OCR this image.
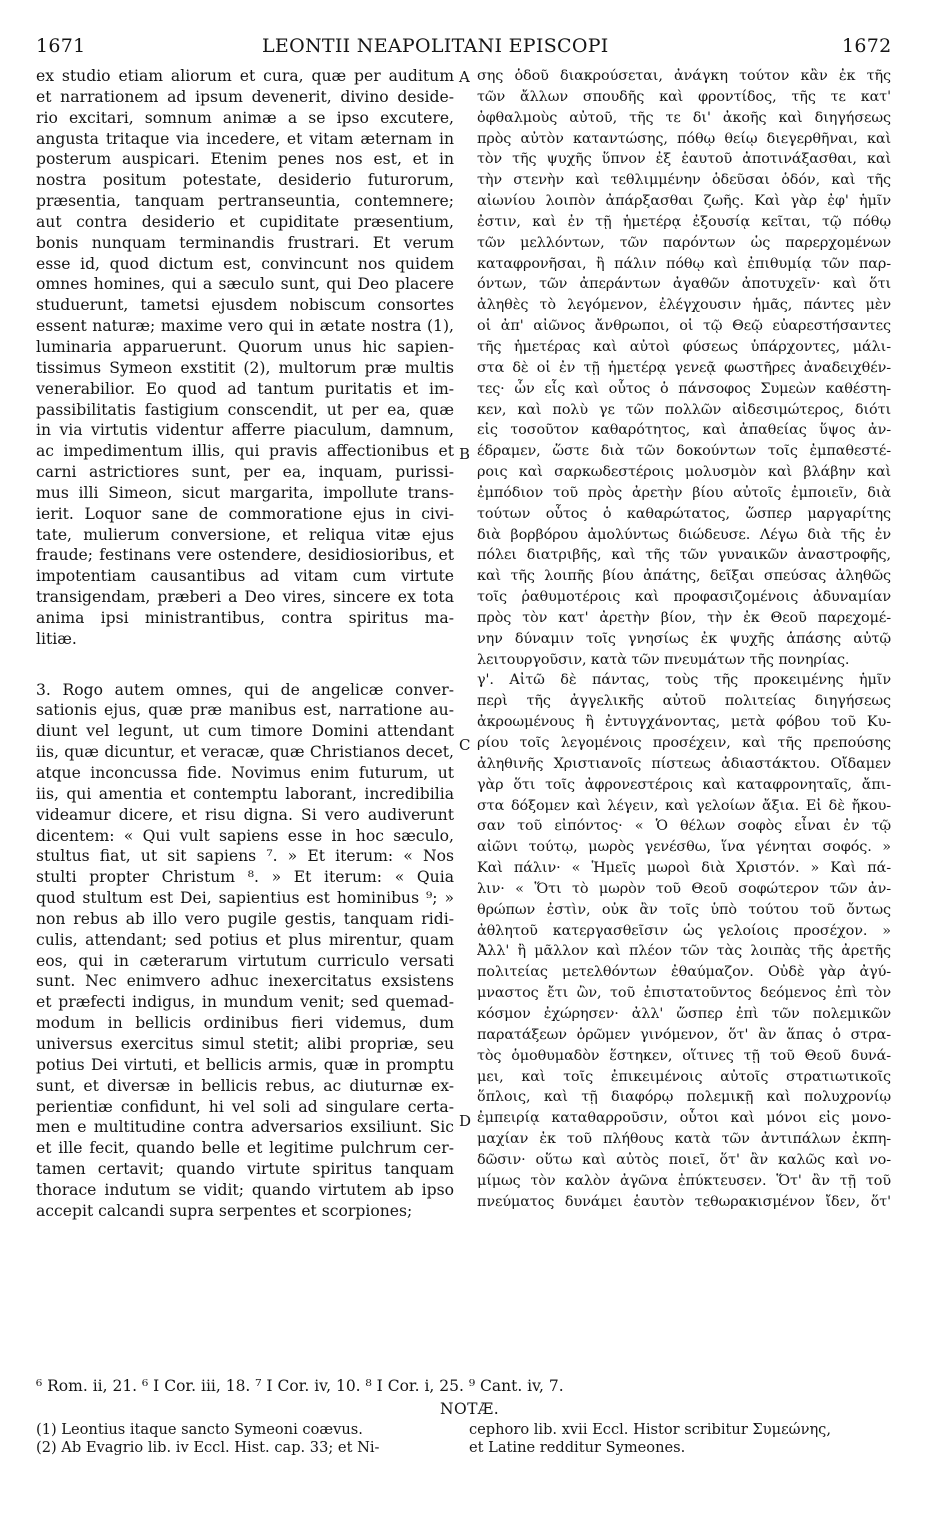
1671	LEONTII NEAPOLITANI EPISCOPI	1672
ex studio etiam aliorum et cura, quæ per auditum
et narrationem ad ipsum devenerit, divino deside-
rio excitari, somnum animæ a se ipso excutere,
angusta tritaque via incedere, et vitam æternam in
posterum auspicari. Etenim penes nos est, et in
nostra positum potestate, desiderio futurorum,
præsentia, tanquam pertranseuntia, contemnere;
aut contra desiderio et cupiditate præsentium,
bonis nunquam terminandis frustrari. Et verum
esse id, quod dictum est, convincunt nos quidem
omnes homines, qui a sæculo sunt, qui Deo placere
studuerunt, tametsi ejusdem nobiscum consortes
essent naturæ; maxime vero qui in ætate nostra (1),
luminaria apparuerunt. Quorum unus hic sapien-
tissimus Symeon exstitit (2), multorum præ multis
venerabilior. Eo quod ad tantum puritatis et im-
passibilitatis fastigium conscendit, ut per ea, quæ
in via virtutis videntur afferre piaculum, damnum,
ac impedimentum illis, qui pravis affectionibus et
carni astrictiores sunt, per ea, inquam, purissi-
mus illi Simeon, sicut margarita, impollute trans-
ierit. Loquor sane de commoratione ejus in civi-
tate, mulierum conversione, et reliqua vitæ ejus
fraude; festinans vere ostendere, desidiosioribus, et
impotentiam causantibus ad vitam cum virtute
transigendam, præberi a Deo vires, sincere ex tota
anima ipsi ministrantibus, contra spiritus ma-
litiæ.
3. Rogo autem omnes, qui de angelicæ conver-
sationis ejus, quæ præ manibus est, narratione au-
diunt vel legunt, ut cum timore Domini attendant
iis, quæ dicuntur, et veracæ, quæ Christianos decet,
atque inconcussa fide. Novimus enim futurum, ut
iis, qui amentia et contemptu laborant, incredibilia
videamur dicere, et risu digna. Si vero audiverunt
dicentem: « Qui vult sapiens esse in hoc sæculo,
stultus fiat, ut sit sapiens ⁷. » Et iterum: « Nos
stulti propter Christum ⁸. » Et iterum: « Quia
quod stultum est Dei, sapientius est hominibus ⁹; »
non rebus ab illo vero pugile gestis, tanquam ridi-
culis, attendant; sed potius et plus mirentur, quam
eos, qui in cæterarum virtutum curriculo versati
sunt. Nec enimvero adhuc inexercitatus exsistens
et præfecti indigus, in mundum venit; sed quemad-
modum in bellicis ordinibus fieri videmus, dum
universus exercitus simul stetit; alibi propriæ, seu
potius Dei virtuti, et bellicis armis, quæ in promptu
sunt, et diversæ in bellicis rebus, ac diuturnæ ex-
perientiæ confidunt, hi vel soli ad singulare certa-
men e multitudine contra adversarios exsiliunt. Sic
et ille fecit, quando belle et legitime pulchrum cer-
tamen certavit; quando virtute spiritus tanquam
thorace indutum se vidit; quando virtutem ab ipso
accepit calcandi supra serpentes et scorpiones;
σης ὁδοῦ διακρούσεται, ἀνάγκη τούτον κἂν ἐκ τῆς
τῶν ἄλλων σπουδῆς καὶ φροντίδος, τῆς τε κατ'
ὀφθαλμοὺς αὐτοῦ, τῆς τε δι' ἀκοῆς καὶ διηγήσεως
πρὸς αὐτὸν καταντώσης, πόθῳ θείῳ διεγερθῆναι, καὶ
τὸν τῆς ψυχῆς ὕπνον ἐξ ἑαυτοῦ ἀποτινάξασθαι, καὶ
τὴν στενὴν καὶ τεθλιμμένην ὁδεῦσαι ὁδόν, καὶ τῆς
αἰωνίου λοιπὸν ἀπάρξασθαι ζωῆς. Καὶ γὰρ ἐφ' ἡμῖν
ἐστιν, καὶ ἐν τῇ ἡμετέρᾳ ἐξουσίᾳ κεῖται, τῷ πόθῳ
τῶν μελλόντων, τῶν παρόντων ὡς παρερχομένων
καταφρονῆσαι, ἢ πάλιν πόθῳ καὶ ἐπιθυμίᾳ τῶν παρ-
όντων, τῶν ἀπεράντων ἀγαθῶν ἀποτυχεῖν· καὶ ὅτι
ἀληθὲς τὸ λεγόμενον, ἐλέγχουσιν ἡμᾶς, πάντες μὲν
οἱ ἀπ' αἰῶνος ἄνθρωποι, οἱ τῷ Θεῷ εὐαρεστήσαντες
τῆς ἡμετέρας καὶ αὐτοὶ φύσεως ὑπάρχοντες, μάλι-
στα δὲ οἱ ἐν τῇ ἡμετέρᾳ γενεᾷ φωστῆρες ἀναδειχθέν-
τες· ὧν εἷς καὶ οὗτος ὁ πάνσοφος Συμεὼν καθέστη-
κεν, καὶ πολὺ γε τῶν πολλῶν αἰδεσιμώτερος, διότι
εἰς τοσοῦτον καθαρότητος, καὶ ἀπαθείας ὕψος ἀν-
έδραμεν, ὥστε διὰ τῶν δοκούντων τοῖς ἐμπαθεστέ-
ροις καὶ σαρκωδεστέροις μολυσμὸν καὶ βλάβην καὶ
ἐμπόδιον τοῦ πρὸς ἀρετὴν βίου αὐτοῖς ἐμποιεῖν, διὰ
τούτων οὗτος ὁ καθαρώτατος, ὥσπερ μαργαρίτης
διὰ βορβόρου ἀμολύντως διώδευσε. Λέγω διὰ τῆς ἐν
πόλει διατριβῆς, καὶ τῆς τῶν γυναικῶν ἀναστροφῆς,
καὶ τῆς λοιπῆς βίου ἀπάτης, δεῖξαι σπεύσας ἀληθῶς
τοῖς ῥαθυμοτέροις καὶ προφασιζομένοις ἀδυναμίαν
πρὸς τὸν κατ' ἀρετὴν βίον, τὴν ἐκ Θεοῦ παρεχομέ-
νην δύναμιν τοῖς γνησίως ἐκ ψυχῆς ἁπάσης αὐτῷ
λειτουργοῦσιν, κατὰ τῶν πνευμάτων τῆς πονηρίας.
γ'. Αἰτῶ δὲ πάντας, τοὺς τῆς προκειμένης ἡμῖν
περὶ τῆς ἀγγελικῆς αὐτοῦ πολιτείας διηγήσεως
ἀκροωμένους ἢ ἐντυγχάνοντας, μετὰ φόβου τοῦ Κυ-
ρίου τοῖς λεγομένοις προσέχειν, καὶ τῆς πρεπούσης
ἀληθινῆς Χριστιανοῖς πίστεως ἀδιαστάκτου. Οἴδαμεν
γὰρ ὅτι τοῖς ἀφρονεστέροις καὶ καταφρονηταῖς, ἄπι-
στα δόξομεν καὶ λέγειν, καὶ γελοίων ἄξια. Εἰ δὲ ἤκου-
σαν τοῦ εἰπόντος· « Ὁ θέλων σοφὸς εἶναι ἐν τῷ
αἰῶνι τούτῳ, μωρὸς γενέσθω, ἵνα γένηται σοφός. »
Καὶ πάλιν· « Ἡμεῖς μωροὶ διὰ Χριστόν. » Καὶ πά-
λιν· « Ὅτι τὸ μωρὸν τοῦ Θεοῦ σοφώτερον τῶν ἀν-
θρώπων ἐστὶν, οὐκ ἂν τοῖς ὑπὸ τούτου τοῦ ὄντως
ἀθλητοῦ κατεργασθεῖσιν ὡς γελοίοις προσέχον. »
Ἀλλ' ἢ μᾶλλον καὶ πλέον τῶν τὰς λοιπὰς τῆς ἀρετῆς
πολιτείας μετελθόντων ἐθαύμαζον. Οὐδὲ γὰρ ἀγύ-
μναστος ἔτι ὢν, τοῦ ἐπιστατοῦντος δεόμενος ἐπὶ τὸν
κόσμον ἐχώρησεν· ἀλλ' ὥσπερ ἐπὶ τῶν πολεμικῶν
παρατάξεων ὁρῶμεν γινόμενον, ὅτ' ἂν ἅπας ὁ στρα-
τὸς ὁμοθυμαδὸν ἕστηκεν, οἵτινες τῇ τοῦ Θεοῦ δυνά-
μει, καὶ τοῖς ἐπικειμένοις αὐτοῖς στρατιωτικοῖς
ὅπλοις, καὶ τῇ διαφόρῳ πολεμικῇ καὶ πολυχρονίῳ
ἐμπειρίᾳ καταθαρροῦσιν, οὗτοι καὶ μόνοι εἰς μονο-
μαχίαν ἐκ τοῦ πλήθους κατὰ τῶν ἀντιπάλων ἐκπη-
δῶσιν· οὕτω καὶ αὐτὸς ποιεῖ, ὅτ' ἂν καλῶς καὶ νο-
μίμως τὸν καλὸν ἀγῶνα ἐπύκτευσεν. Ὅτ' ἂν τῇ τοῦ
πνεύματος δυνάμει ἑαυτὸν τεθωρακισμένον ἴδεν, ὅτ'
A
B
C
D
⁶ Rom. ii, 21. ⁶ I Cor. iii, 18. ⁷ I Cor. iv, 10. ⁸ I Cor. i, 25. ⁹ Cant. iv, 7.
NOTÆ.
(1) Leontius itaque sancto Symeoni coævus.
(2) Ab Evagrio lib. iv Eccl. Hist. cap. 33; et Ni-
cephoro lib. xvii Eccl. Histor scribitur Συμεώνης,
et Latine redditur Symeones.
